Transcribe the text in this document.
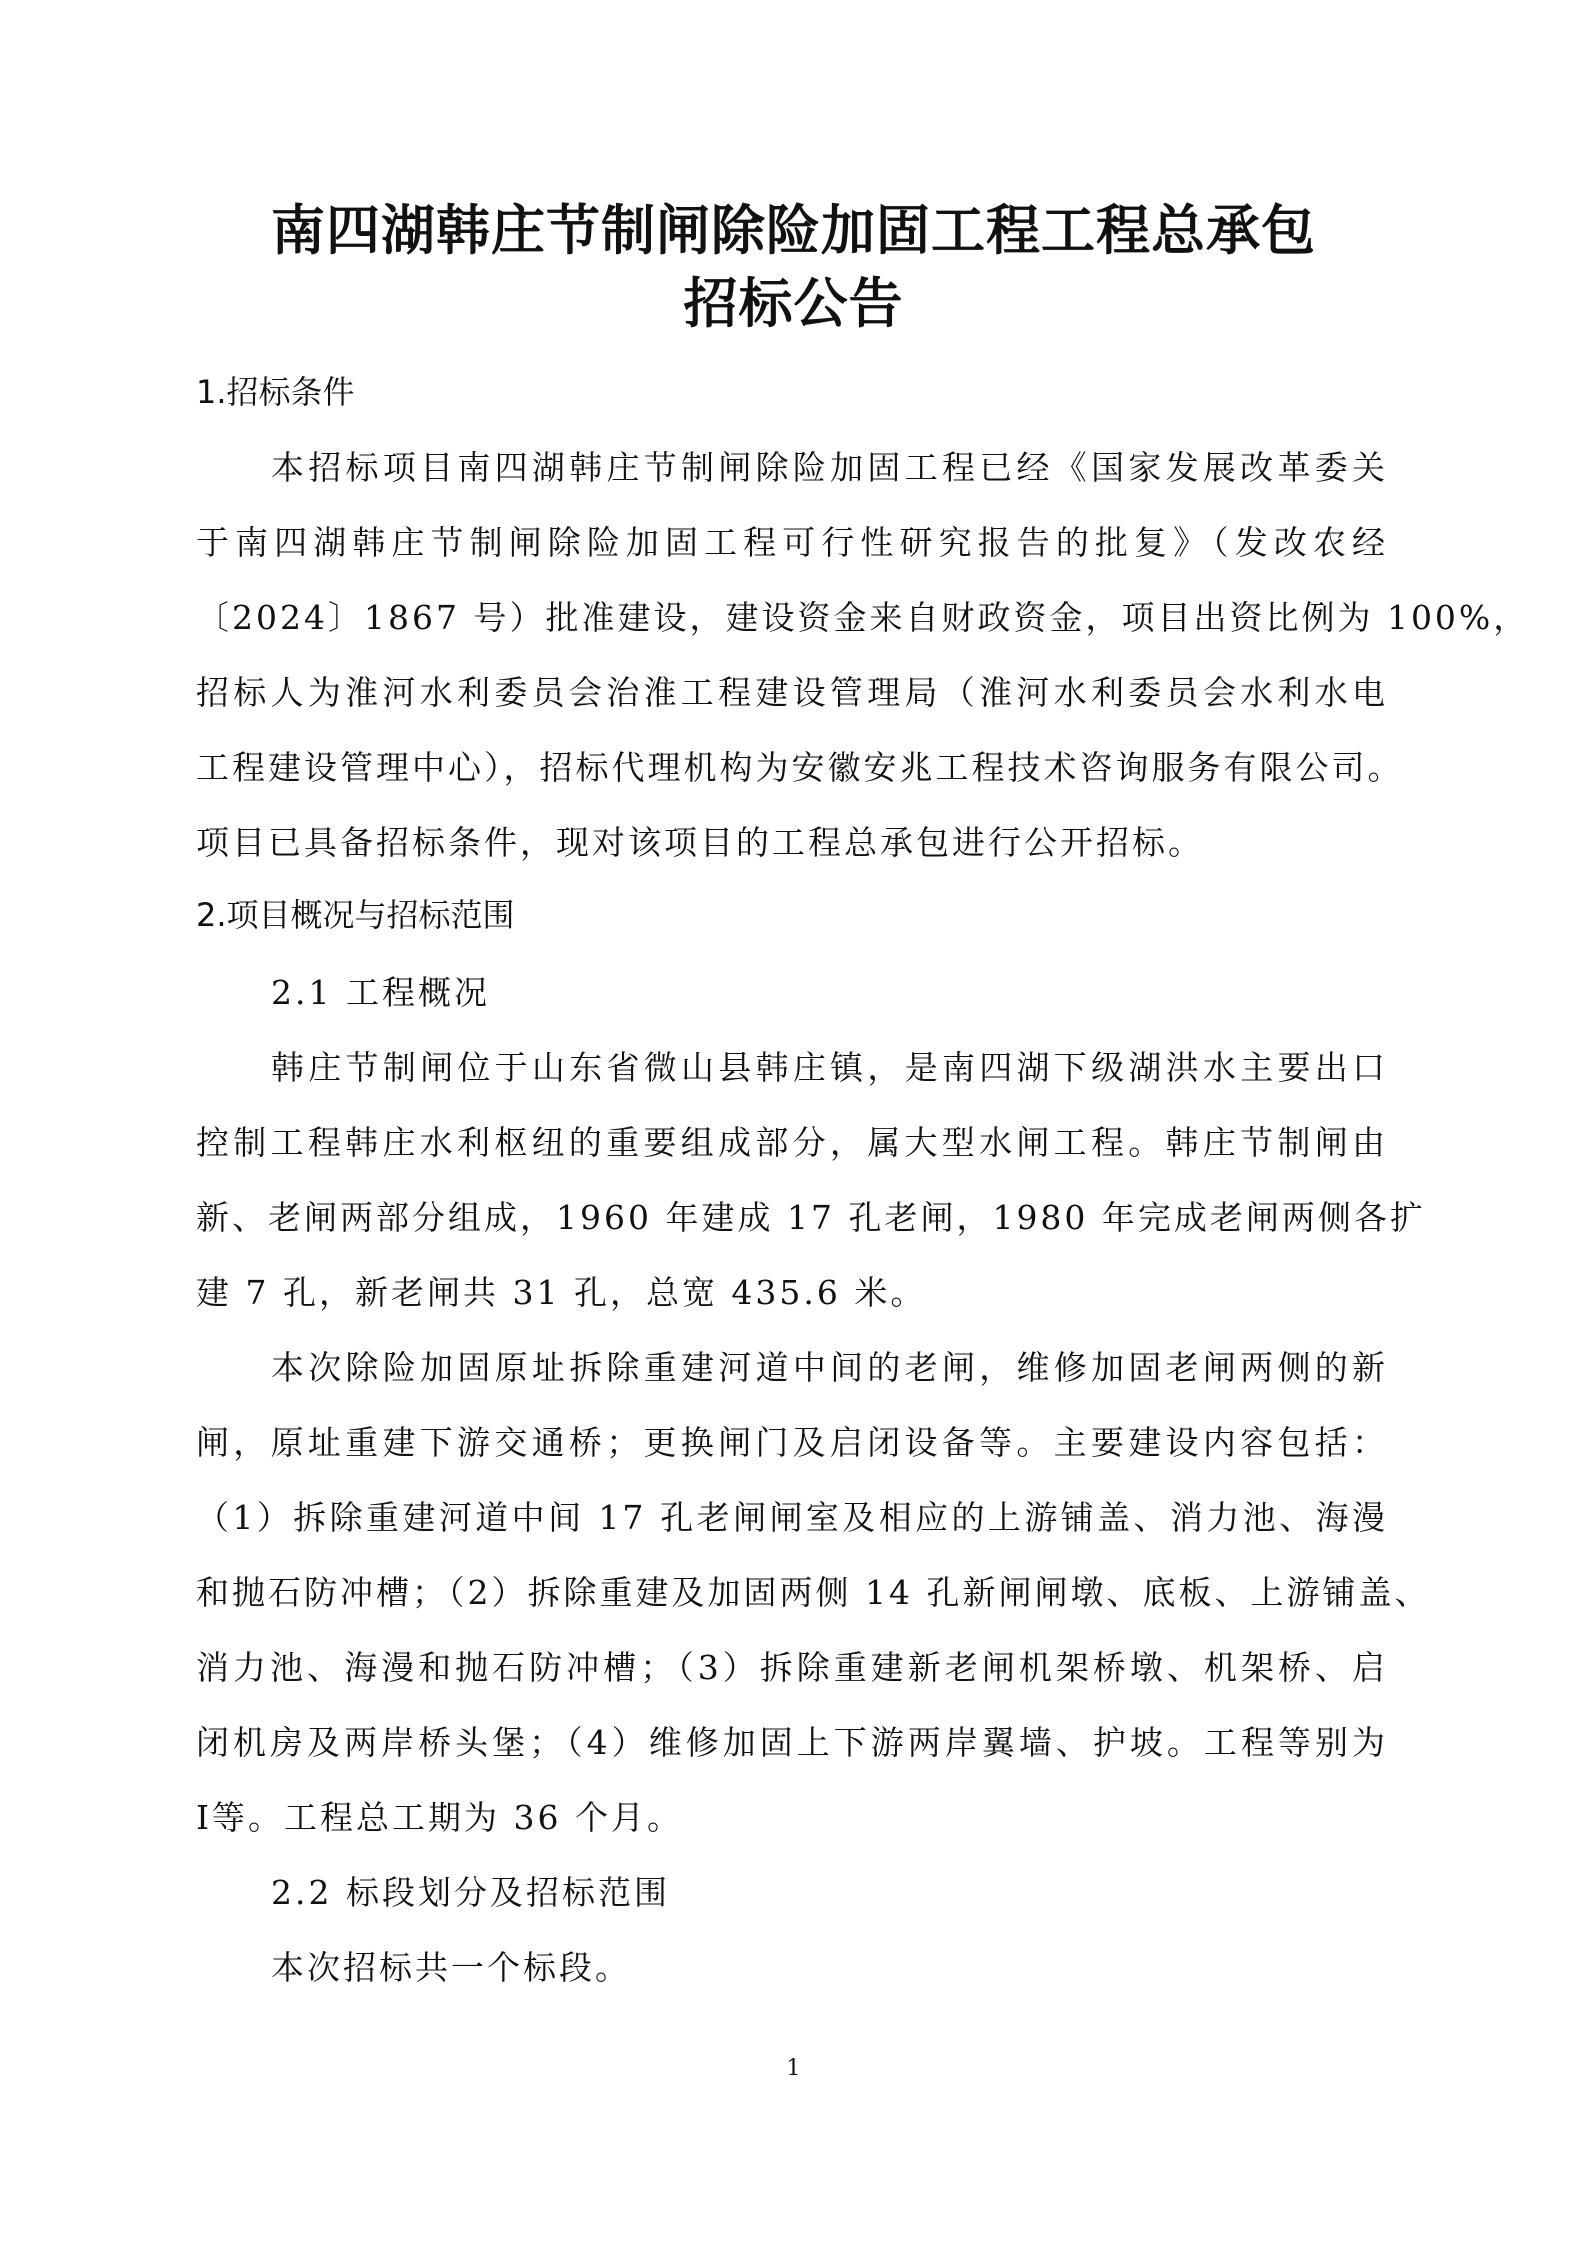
南四湖韩庄节制闸除险加固工程工程总承包
招标公告
1.招标条件
本招标项目南四湖韩庄节制闸除险加固工程已经《国家发展改革委关
于南四湖韩庄节制闸除险加固工程可行性研究报告的批复》（发改农经
〔2024〕1867 号）批准建设，建设资金来自财政资金，项目出资比例为 100%，
招标人为淮河水利委员会治淮工程建设管理局（淮河水利委员会水利水电
工程建设管理中心），招标代理机构为安徽安兆工程技术咨询服务有限公司。
项目已具备招标条件，现对该项目的工程总承包进行公开招标。
2.项目概况与招标范围
2.1 工程概况
韩庄节制闸位于山东省微山县韩庄镇，是南四湖下级湖洪水主要出口
控制工程韩庄水利枢纽的重要组成部分，属大型水闸工程。韩庄节制闸由
新、老闸两部分组成，1960 年建成 17 孔老闸，1980 年完成老闸两侧各扩
建 7 孔，新老闸共 31 孔，总宽 435.6 米。
本次除险加固原址拆除重建河道中间的老闸，维修加固老闸两侧的新
闸，原址重建下游交通桥；更换闸门及启闭设备等。主要建设内容包括：
（1）拆除重建河道中间 17 孔老闸闸室及相应的上游铺盖、消力池、海漫
和抛石防冲槽；（2）拆除重建及加固两侧 14 孔新闸闸墩、底板、上游铺盖、
消力池、海漫和抛石防冲槽；（3）拆除重建新老闸机架桥墩、机架桥、启
闭机房及两岸桥头堡；（4）维修加固上下游两岸翼墙、护坡。工程等别为
Ⅰ等。工程总工期为 36 个月。
2.2 标段划分及招标范围
本次招标共一个标段。
1
